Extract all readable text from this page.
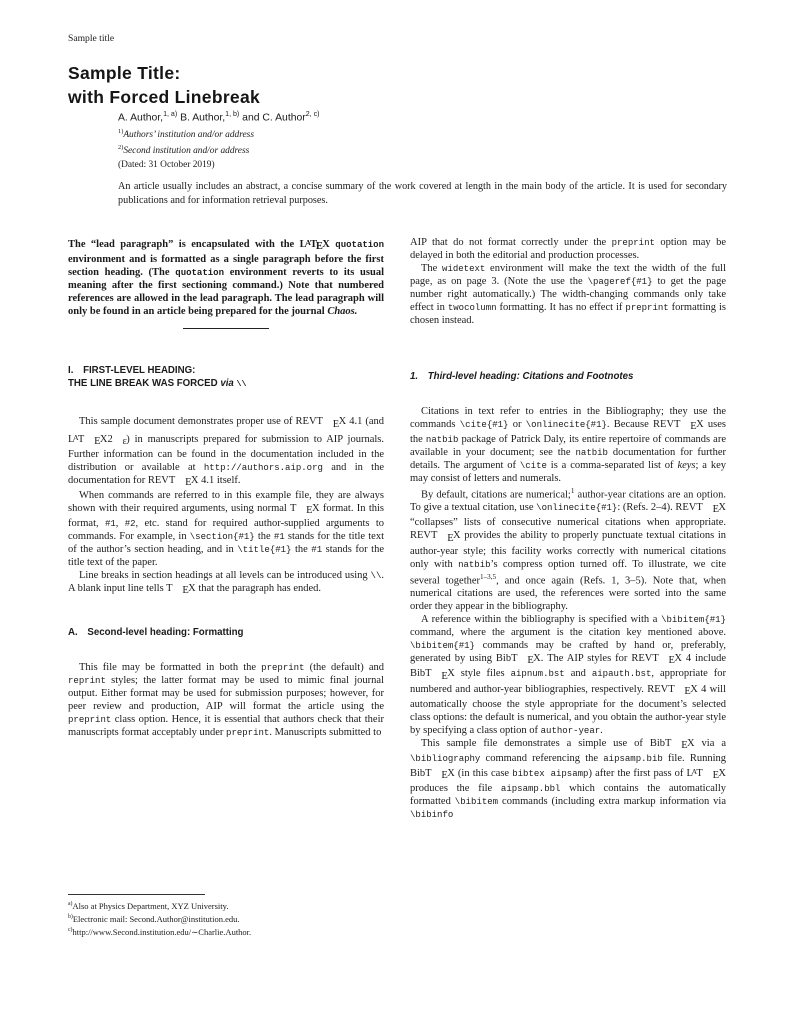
Sample title
Sample Title:
with Forced Linebreak
A. Author,$^{1, a)}$ B. Author,$^{1, b)}$ and C. Author$^{2, c)}$
$^{1)}$Authors’ institution and/or address
$^{2)}$Second institution and/or address
(Dated: 31 October 2019)
An article usually includes an abstract, a concise summary of the work covered at length in the main body of the article. It is used for secondary publications and for information retrieval purposes.
The “lead paragraph” is encapsulated with the $L^ATEX$ quotation environment and is formatted as a single paragraph before the first section heading. (The quotation environment reverts to its usual meaning after the first sectioning command.) Note that numbered references are allowed in the lead paragraph. The lead paragraph will only be found in an article being prepared for the journal Chaos.
I. FIRST-LEVEL HEADING:
THE LINE BREAK WAS FORCED via \\
This sample document demonstrates proper use of REVT EX 4.1 (and $L^AT$ EX2 ε) in manuscripts prepared for submission to AIP journals. Further information can be found in the documentation included in the distribution or available at http://authors.aip.org and in the documentation for REVT EX 4.1 itself.
When commands are referred to in this example file, they are always shown with their required arguments, using normal T EX format. In this format, #1, #2, etc. stand for required author-supplied arguments to commands. For example, in \section{#1} the #1 stands for the title text of the author’s section heading, and in \title{#1} the #1 stands for the title text of the paper.
Line breaks in section headings at all levels can be introduced using \\. A blank input line tells T EX that the paragraph has ended.
A. Second-level heading: Formatting
This file may be formatted in both the preprint (the default) and reprint styles; the latter format may be used to mimic final journal output. Either format may be used for submission purposes; however, for peer review and production, AIP will format the article using the preprint class option. Hence, it is essential that authors check that their manuscripts format acceptably under preprint. Manuscripts submitted to
AIP that do not format correctly under the preprint option may be delayed in both the editorial and production processes.
The widetext environment will make the text the width of the full page, as on page 3. (Note the use the \pageref{#1} to get the page number right automatically.) The width-changing commands only take effect in twocolumn formatting. It has no effect if preprint formatting is chosen instead.
1. Third-level heading: Citations and Footnotes
Citations in text refer to entries in the Bibliography; they use the commands \cite{#1} or \onlinecite{#1}. Because REVT EX uses the natbib package of Patrick Daly, its entire repertoire of commands are available in your document; see the natbib documentation for further details. The argument of \cite is a comma-separated list of keys; a key may consist of letters and numerals.
By default, citations are numerical;$^1$ author-year citations are an option. To give a textual citation, use \onlinecite{#1}: (Refs. 2–4). REVT EX “collapses” lists of consecutive numerical citations when appropriate. REVT EX provides the ability to properly punctuate textual citations in author-year style; this facility works correctly with numerical citations only with natbib’s compress option turned off. To illustrate, we cite several together$^{1-3,5}$, and once again (Refs. 1, 3–5). Note that, when numerical citations are used, the references were sorted into the same order they appear in the bibliography.
A reference within the bibliography is specified with a \bibitem{#1} command, where the argument is the citation key mentioned above. \bibitem{#1} commands may be crafted by hand or, preferably, generated by using BibT EX. The AIP styles for REVT EX 4 include BibT EX style files aipnum.bst and aipauth.bst, appropriate for numbered and author-year bibliographies, respectively. REVT EX 4 will automatically choose the style appropriate for the document’s selected class options: the default is numerical, and you obtain the author-year style by specifying a class option of author-year.
This sample file demonstrates a simple use of BibT EX via a \bibliography command referencing the aipsamp.bib file. Running BibT EX (in this case bibtex aipsamp) after the first pass of $L^AT$ EX produces the file aipsamp.bbl which contains the automatically formatted \bibitem commands (including extra markup information via \bibinfo
$^{a)}$Also at Physics Department, XYZ University.
$^{b)}$Electronic mail: Second.Author@institution.edu.
$^{c)}$http://www.Second.institution.edu/∼Charlie.Author.
